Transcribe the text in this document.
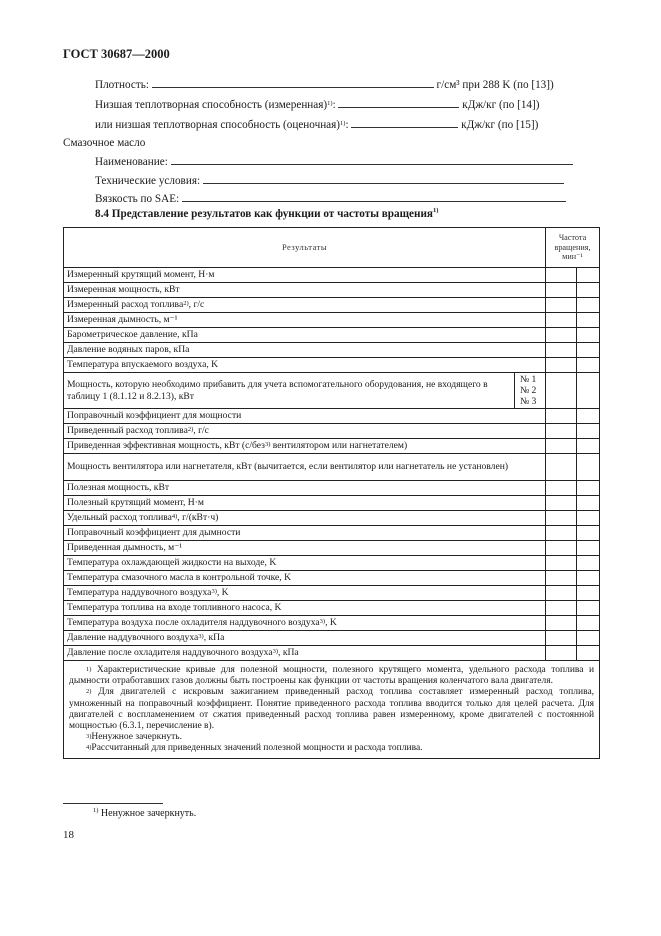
ГОСТ 30687—2000
Плотность:	г/см³ при 288 K (по [13])
Низшая теплотворная способность (измеренная)$^{1)}$:	кДж/кг (по [14])
или низшая теплотворная способность (оценочная)$^{1)}$:	кДж/кг (по [15])
Смазочное масло
Наименование:
Технические условия:
Вязкость по SAE:
8.4 Представление результатов как функции от частоты вращения$^{1)}$
Результаты		Частота
вращения,
мин⁻¹	
Измеренный крутящий момент, Н·м			
Измеренная мощность, кВт			
Измеренный расход топлива$^{2)}$, г/с			
Измеренная дымность, м⁻¹			
Барометрическое давление, кПа			
Давление водяных паров, кПа			
Температура впускаемого воздуха, K			
Мощность, которую необходимо прибавить для учета вспомогательного оборудования, не входящего в таблицу 1 (8.1.12 и 8.2.13), кВт	№ 1
№ 2
№ 3		
Поправочный коэффициент для мощности			
Приведенный расход топлива$^{2)}$, г/с			
Приведенная эффективная мощность, кВт (с/без$^{3)}$ вентилятором или нагнетателем)			
Мощность вентилятора или нагнетателя, кВт (вычитается, если вентилятор или нагнетатель не установлен)			
Полезная мощность, кВт			
Полезный крутящий момент, Н·м			
Удельный расход топлива$^{4)}$, г/(кВт·ч)			
Поправочный коэффициент для дымности			
Приведенная дымность, м⁻¹			
Температура охлаждающей жидкости на выходе, K			
Температура смазочного масла в контрольной точке, K			
Температура наддувочного воздуха$^{3)}$, K			
Температура топлива на входе топливного насоса, K			
Температура воздуха после охладителя наддувочного воздуха$^{3)}$, K			
Давление наддувочного воздуха$^{3)}$, кПа			
Давление после охладителя наддувочного воздуха$^{3)}$, кПа			

$^{1)}$ Характеристические кривые для полезной мощности, полезного крутящего момента, удельного расхода топлива и дымности отработавших газов должны быть построены как функции от частоты вращения коленчатого вала двигателя.

$^{2)}$ Для двигателей с искровым зажиганием приведенный расход топлива составляет измеренный расход топлива, умноженный на поправочный коэффициент. Понятие приведенного расхода топлива вводится только для целей расчета. Для двигателей с воспламенением от сжатия приведенный расход топлива равен измеренному, кроме двигателей с постоянной мощностью (6.3.1, перечисление в).

$^{3)}$Ненужное зачеркнуть.

$^{4)}$Рассчитанный для приведенных значений полезной мощности и расхода топлива.			

$^{1)}$ Ненужное зачеркнуть.
18
